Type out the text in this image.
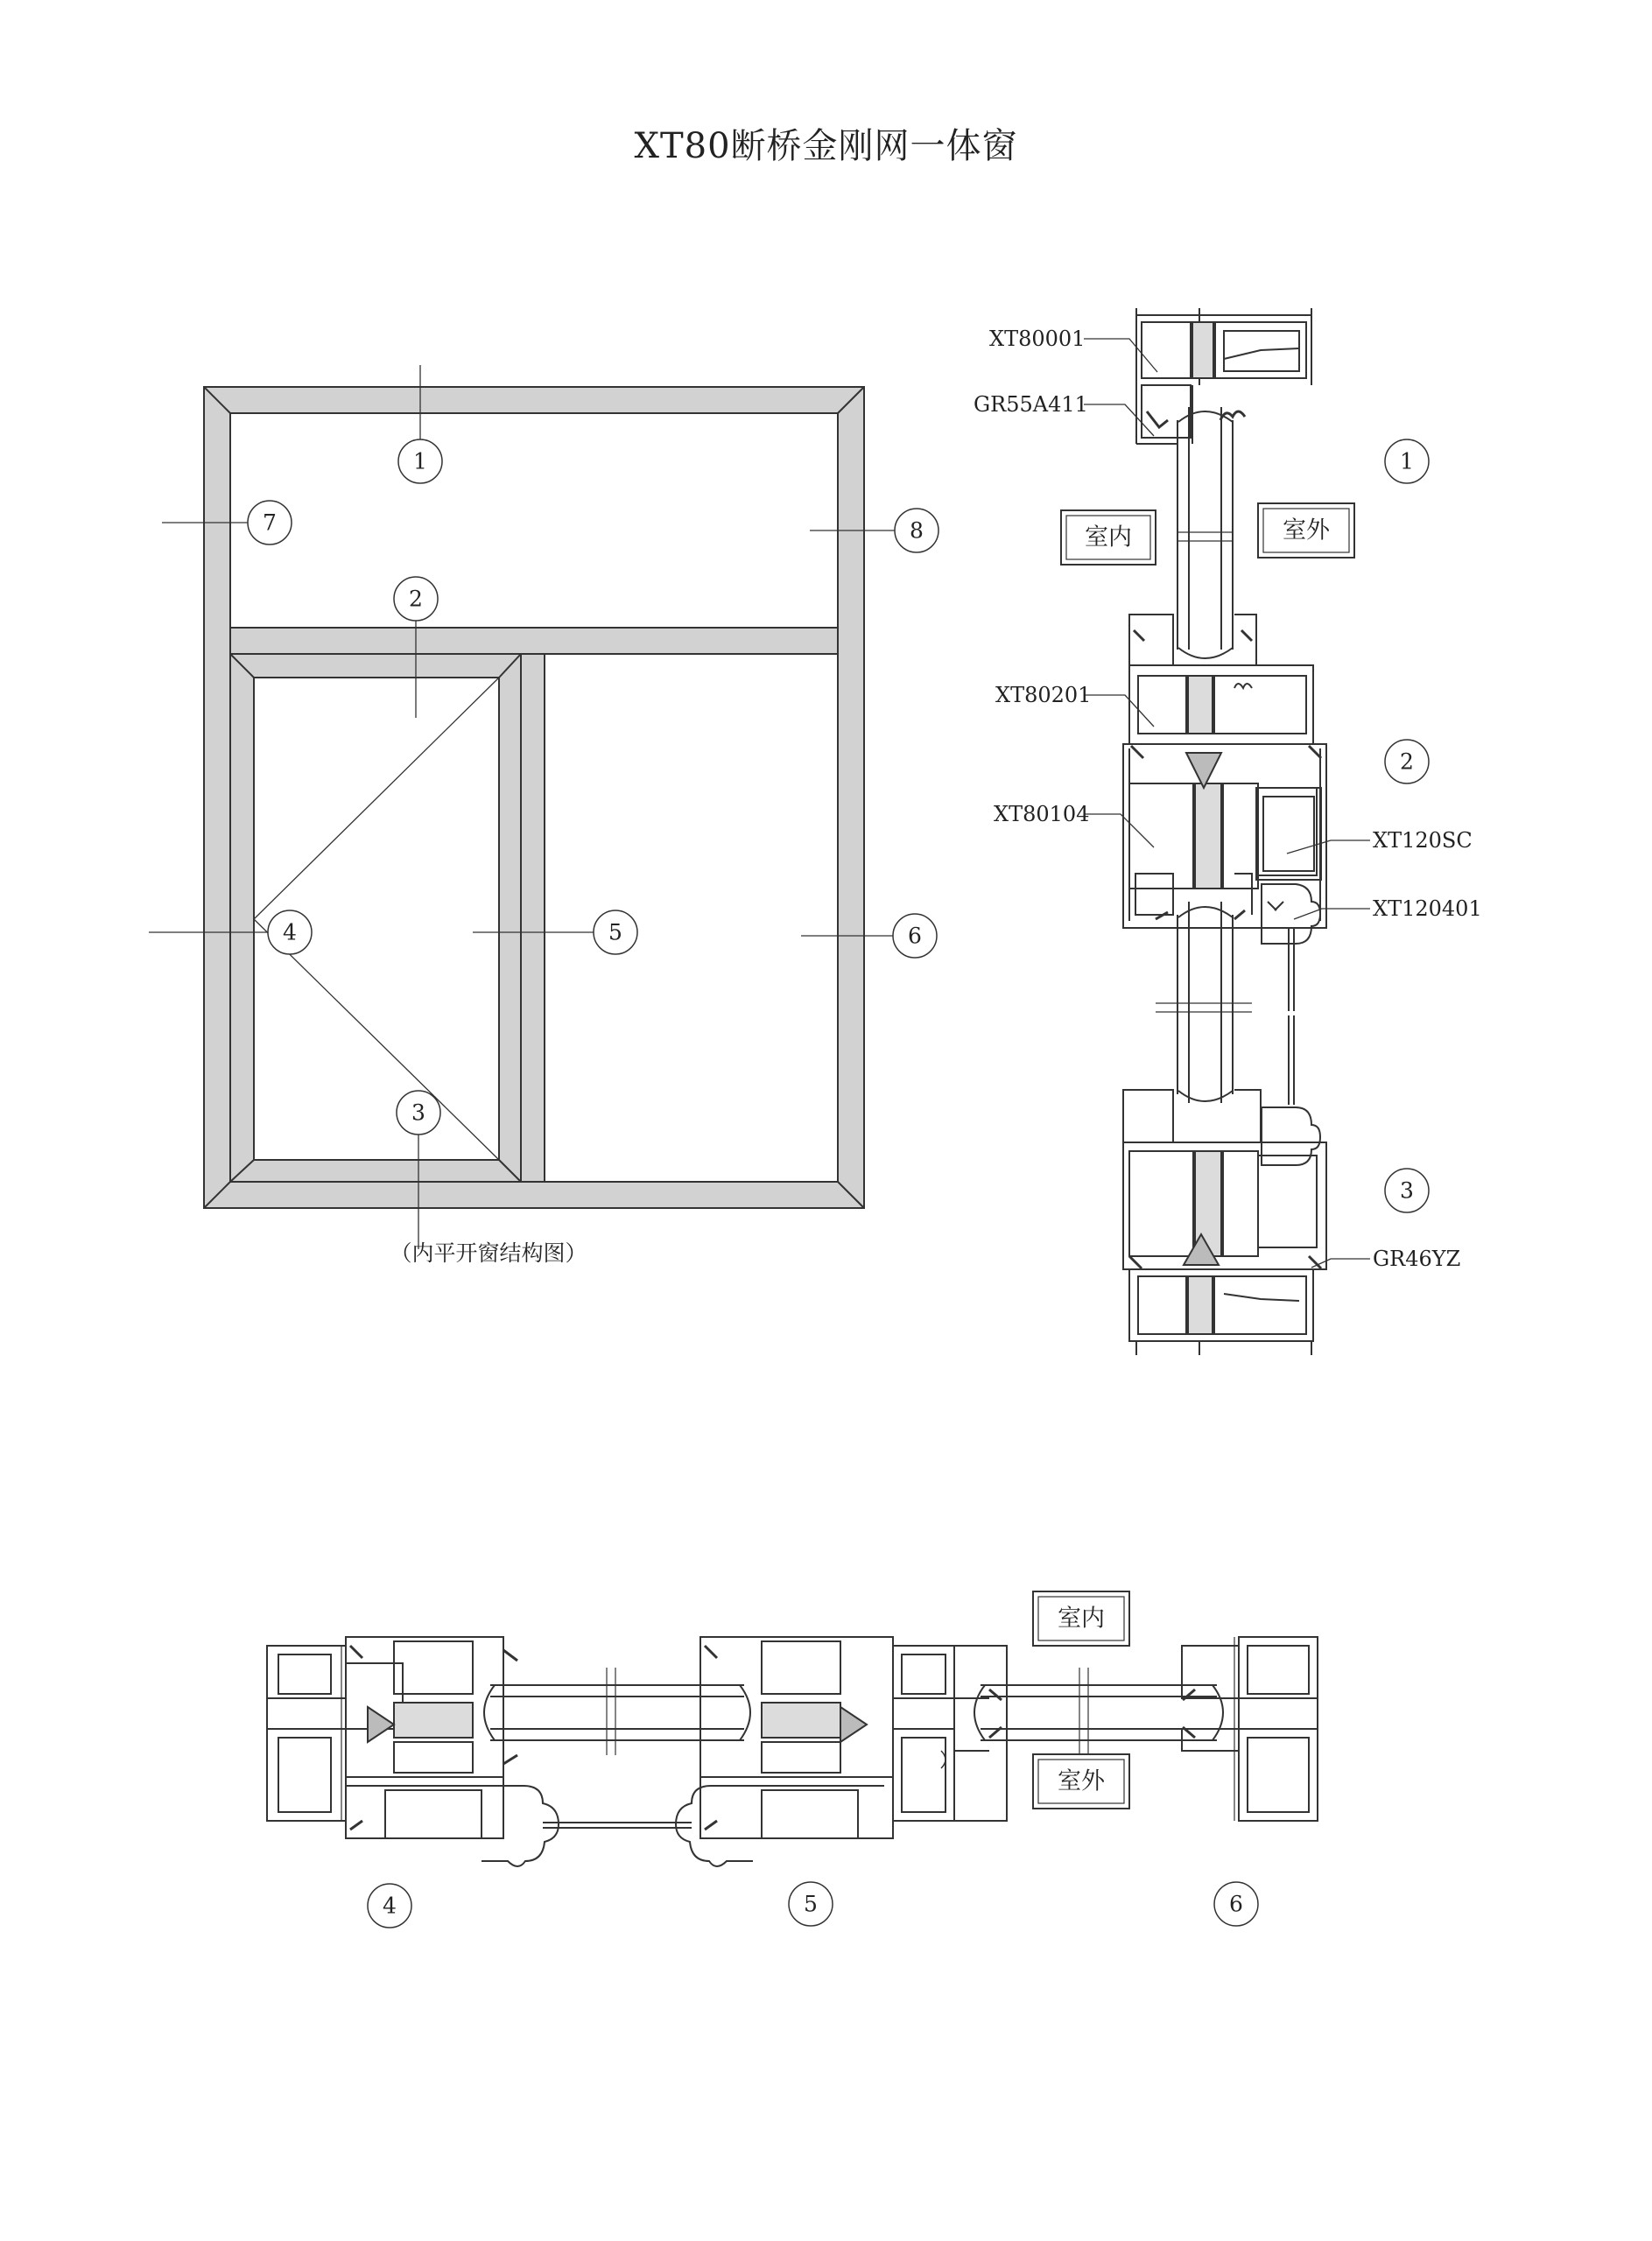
XT80断桥金刚网一体窗
1
2
3
4	5	6
7	8
（内平开窗结构图）
室内	室外
1
2
3
XT80001
GR55A411
XT80201
XT80104
XT120SC
XT120401
GR46YZ
室内
室外
4	5	6
